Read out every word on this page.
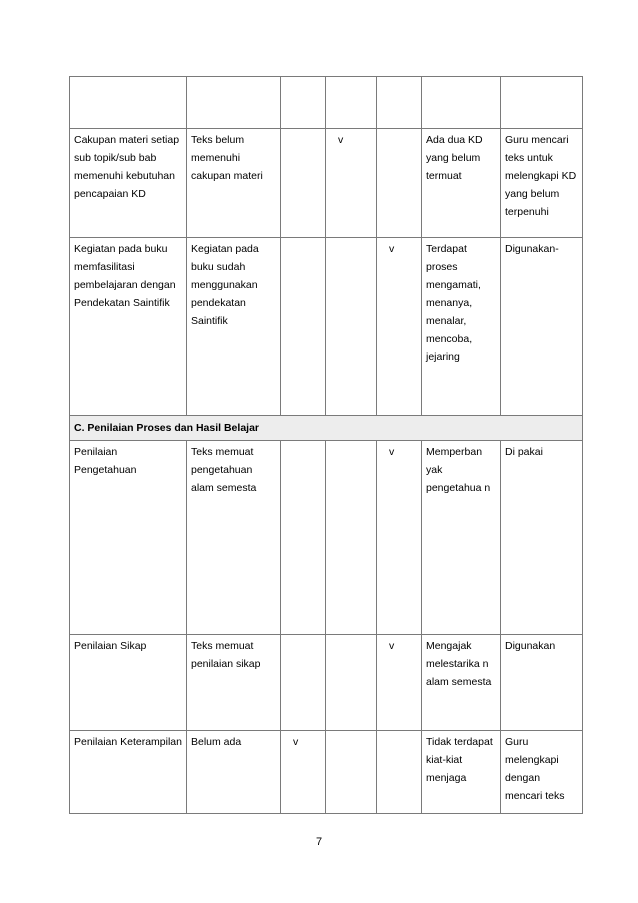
Cakupan materi setiap sub topik/sub bab memenuhi kebutuhan pencapaian KD	Teks belum memenuhi cakupan materi		v		Ada dua KD yang belum termuat	Guru mencari teks untuk melengkapi KD yang belum terpenuhi
Kegiatan pada buku memfasilitasi pembelajaran dengan Pendekatan Saintifik	Kegiatan pada buku sudah menggunakan pendekatan Saintifik			v	Terdapat proses mengamati, menanya, menalar, mencoba, jejaring	Digunakan-
C. Penilaian Proses dan Hasil Belajar						
Penilaian Pengetahuan	Teks memuat pengetahuan alam semesta			v	Memperban yak pengetahua n	Di pakai
Penilaian Sikap	Teks memuat penilaian sikap			v	Mengajak melestarika n alam semesta	Digunakan
Penilaian Keterampilan	Belum ada	v			Tidak terdapat kiat-kiat menjaga	Guru melengkapi dengan mencari teks
7
